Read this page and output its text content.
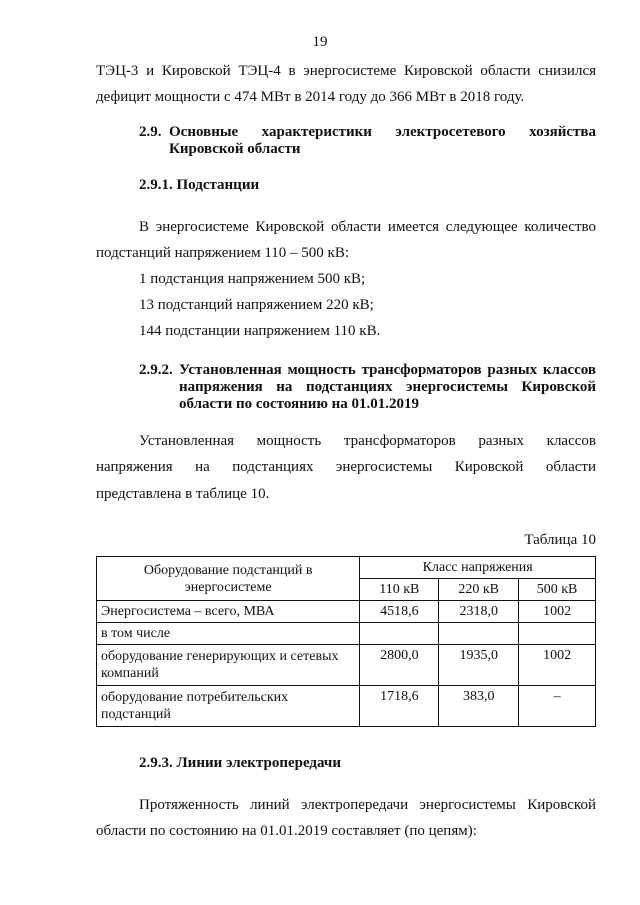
19
ТЭЦ-3 и Кировской ТЭЦ-4 в энергосистеме Кировской области снизился
дефицит мощности с 474 МВт в 2014 году до 366 МВт в 2018 году.
2.9. Основные характеристики электросетевого хозяйства
Кировской области
2.9.1. Подстанции
В энергосистеме Кировской области имеется следующее количество
подстанций напряжением 110 – 500 кВ:
1 подстанция напряжением 500 кВ;
13 подстанций напряжением 220 кВ;
144 подстанции напряжением 110 кВ.
2.9.2. Установленная мощность трансформаторов разных классов
напряжения на подстанциях энергосистемы Кировской
области по состоянию на 01.01.2019
Установленная мощность трансформаторов разных классов
напряжения на подстанциях энергосистемы Кировской области
представлена в таблице 10.
Таблица 10
Оборудование подстанций в энергосистеме	Класс напряжения		
	110 кВ	220 кВ	500 кВ
Энергосистема – всего, МВА	4518,6	2318,0	1002
в том числе			
оборудование генерирующих и сетевых компаний	2800,0	1935,0	1002
оборудование потребительских подстанций	1718,6	383,0	–
2.9.3. Линии электропередачи
Протяженность линий электропередачи энергосистемы Кировской
области по состоянию на 01.01.2019 составляет (по цепям):
